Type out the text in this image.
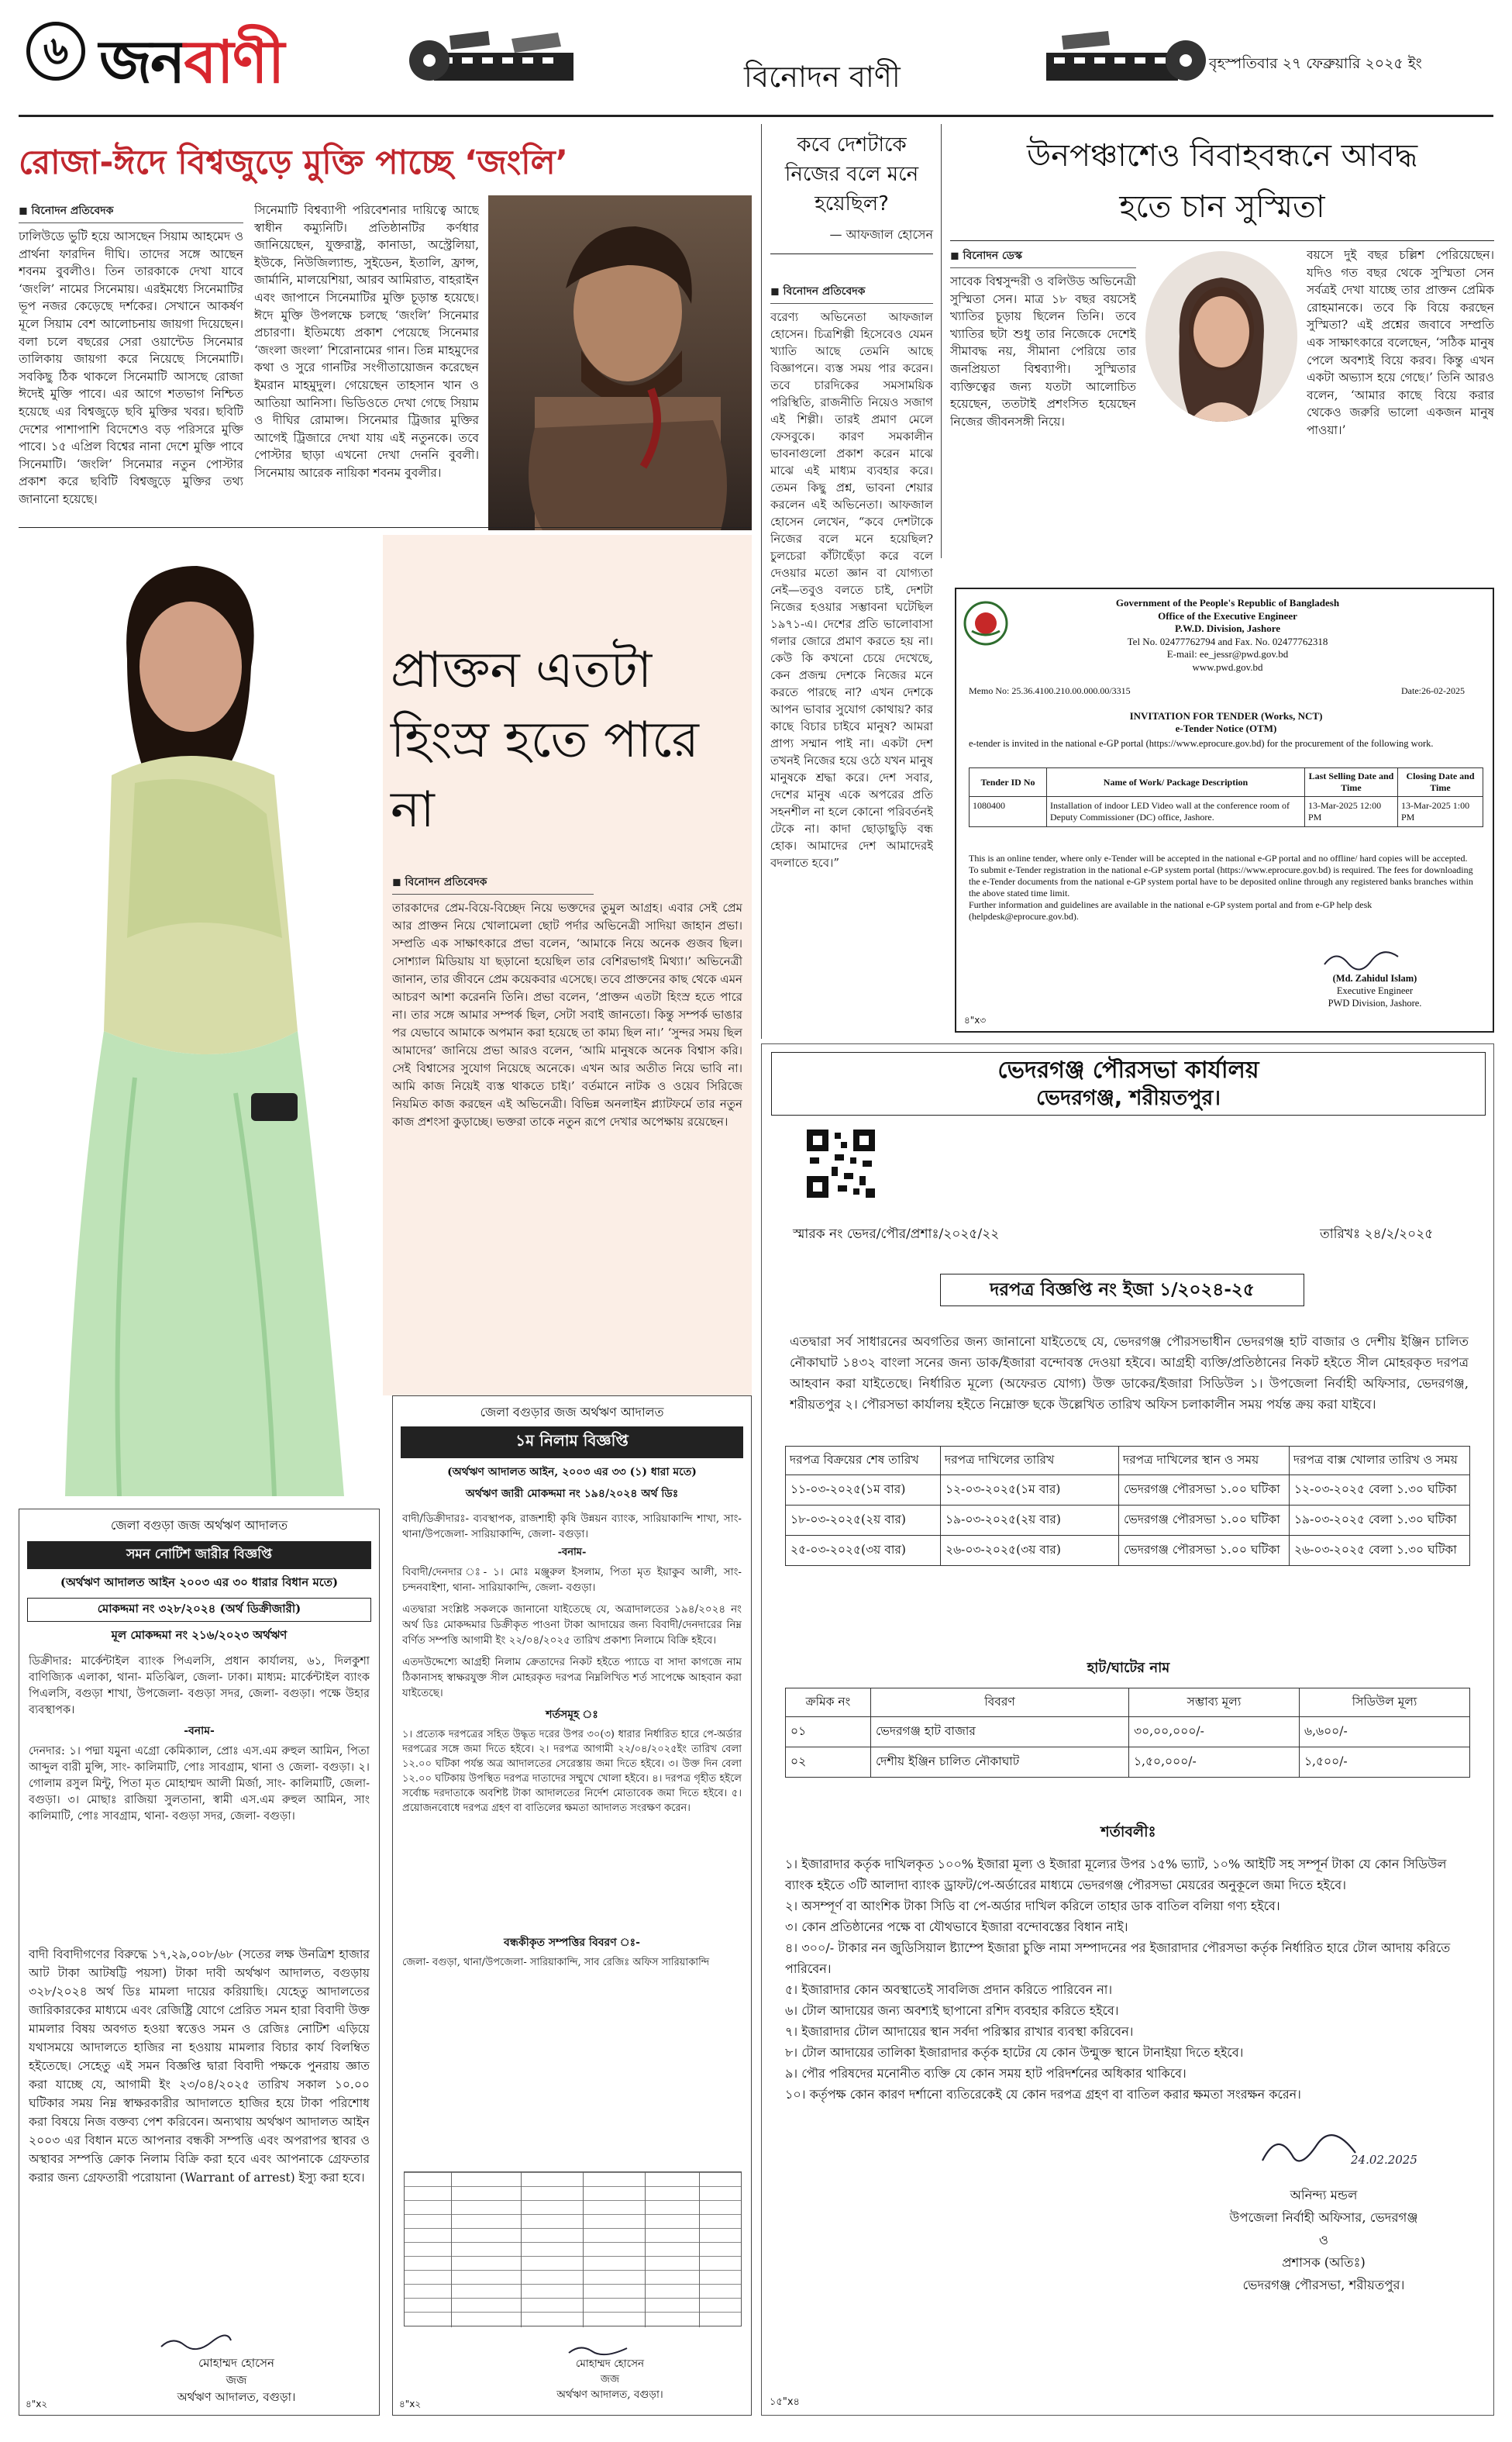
৬ জনবাণী	বিনোদন বাণী	বৃহস্পতিবার ২৭ ফেব্রুয়ারি ২০২৫ ইং
রোজা-ঈদে বিশ্বজুড়ে মুক্তি পাচ্ছে ‘জংলি’
◼ বিনোদন প্রতিবেদক
ঢালিউডে ভুটি হয়ে আসছেন সিয়াম আহমেদ ও প্রার্থনা ফারদিন দীঘি। তাদের সঙ্গে আছেন শবনম বুবলীও। তিন তারকাকে দেখা যাবে ‘জংলি’ নামের সিনেমায়। এরইমধ্যে সিনেমাটির ভূপ নজর কেড়েছে দর্শকের। সেখানে আকর্ষণ মূলে সিয়াম বেশ আলোচনায় জায়গা দিয়েছেন। বলা চলে বছরের সেরা ওয়ান্টেড সিনেমার তালিকায় জায়গা করে নিয়েছে সিনেমাটি। সবকিছু ঠিক থাকলে সিনেমাটি আসছে রোজা ঈদেই মুক্তি পাবে। এর আগে শতভাগ নিশ্চিত হয়েছে এর বিশ্বজুড়ে ছবি মুক্তির খবর। ছবিটি দেশের পাশাপাশি বিদেশেও বড় পরিসরে মুক্তি পাবে। ১৫ এপ্রিল বিশ্বের নানা দেশে মুক্তি পাবে সিনেমাটি। ‘জংলি’ সিনেমার নতুন পোস্টার প্রকাশ করে ছবিটি বিশ্বজুড়ে মুক্তির তথ্য জানানো হয়েছে।
সিনেমাটি বিশ্বব্যাপী পরিবেশনার দায়িত্বে আছে স্বাধীন কম্যুনিটি। প্রতিষ্ঠানটির কর্ণধার জানিয়েছেন, যুক্তরাষ্ট্র, কানাডা, অস্ট্রেলিয়া, ইউকে, নিউজিল্যান্ড, সুইডেন, ইতালি, ফ্রান্স, জার্মানি, মালয়েশিয়া, আরব আমিরাত, বাহরাইন এবং জাপানে সিনেমাটির মুক্তি চূড়ান্ত হয়েছে। ঈদে মুক্তি উপলক্ষে চলছে ‘জংলি’ সিনেমার প্রচারণা। ইতিমধ্যে প্রকাশ পেয়েছে সিনেমার ‘জংলা জংলা’ শিরোনামের গান। তিন্ন মাহমুদের কথা ও সুরে গানটির সংগীতায়োজন করেছেন ইমরান মাহমুদুল। গেয়েছেন তাহসান খান ও আতিয়া আনিসা। ভিডিওতে দেখা গেছে সিয়াম ও দীঘির রোমান্স। সিনেমার ট্রিজার মুক্তির আগেই ট্রিজারে দেখা যায় এই নতুনকে। তবে পোস্টার ছাড়া এখনো দেখা দেননি বুবলী। সিনেমায় আরেক নায়িকা শবনম বুবলীর।
কবে দেশটাকে নিজের বলে মনে হয়েছিল?
— আফজাল হোসেন
◼ বিনোদন প্রতিবেদক
বরেণ্য অভিনেতা আফজাল হোসেন। চিত্রশিল্পী হিসেবেও যেমন খ্যাতি আছে তেমনি আছে বিজ্ঞাপনে। ব্যস্ত সময় পার করেন। তবে চারদিকের সমসাময়িক পরিস্থিতি, রাজনীতি নিয়েও সজাগ এই শিল্পী। তারই প্রমাণ মেলে ফেসবুকে। কারণ সমকালীন ভাবনাগুলো প্রকাশ করেন মাঝে মাঝে এই মাধ্যম ব্যবহার করে। তেমন কিছু প্রশ্ন, ভাবনা শেয়ার করলেন এই অভিনেতা। আফজাল হোসেন লেখেন, “কবে দেশটাকে নিজের বলে মনে হয়েছিল? চুলচেরা কাঁটাছেঁড়া করে বলে দেওয়ার মতো জ্ঞান বা যোগ্যতা নেই—তবুও বলতে চাই, দেশটা নিজের হওয়ার সম্ভাবনা ঘটেছিল ১৯৭১-এ। দেশের প্রতি ভালোবাসা গলার জোরে প্রমাণ করতে হয় না। কেউ কি কখনো চেয়ে দেখেছে, কেন প্রজন্ম দেশকে নিজের মনে করতে পারছে না? এখন দেশকে আপন ভাবার সুযোগ কোথায়? কার কাছে বিচার চাইবে মানুষ? আমরা প্রাপ্য সম্মান পাই না। একটা দেশ তখনই নিজের হয়ে ওঠে যখন মানুষ মানুষকে শ্রদ্ধা করে। দেশ সবার, দেশের মানুষ একে অপরের প্রতি সহনশীল না হলে কোনো পরিবর্তনই টেকে না। কাদা ছোড়াছুড়ি বন্ধ হোক। আমাদের দেশ আমাদেরই বদলাতে হবে।”
উনপঞ্চাশেও বিবাহবন্ধনে আবদ্ধ হতে চান সুস্মিতা
◼ বিনোদন ডেস্ক
সাবেক বিশ্বসুন্দরী ও বলিউড অভিনেত্রী সুস্মিতা সেন। মাত্র ১৮ বছর বয়সেই খ্যাতির চূড়ায় ছিলেন তিনি। তবে খ্যাতির ছটা শুধু তার নিজেকে দেশেই সীমাবদ্ধ নয়, সীমানা পেরিয়ে তার জনপ্রিয়তা বিশ্বব্যাপী। সুস্মিতার ব্যক্তিত্বের জন্য যতটা আলোচিত হয়েছেন, ততটাই প্রশংসিত হয়েছেন নিজের জীবনসঙ্গী নিয়ে।
বয়সে দুই বছর চল্লিশ পেরিয়েছেন। যদিও গত বছর থেকে সুস্মিতা সেন সর্বত্রই দেখা যাচ্ছে তার প্রাক্তন প্রেমিক রোহমানকে। তবে কি বিয়ে করছেন সুস্মিতা? এই প্রশ্নের জবাবে সম্প্রতি এক সাক্ষাৎকারে বলেছেন, ‘সঠিক মানুষ পেলে অবশ্যই বিয়ে করব। কিন্তু এখন একটা অভ্যাস হয়ে গেছে।’ তিনি আরও বলেন, ‘আমার কাছে বিয়ে করার থেকেও জরুরি ভালো একজন মানুষ পাওয়া।’
প্রাক্তন এতটা হিংস্র হতে পারে না
◼ বিনোদন প্রতিবেদক
তারকাদের প্রেম-বিয়ে-বিচ্ছেদ নিয়ে ভক্তদের তুমুল আগ্রহ। এবার সেই প্রেম আর প্রাক্তন নিয়ে খোলামেলা ছোট পর্দার অভিনেত্রী সাদিয়া জাহান প্রভা। সম্প্রতি এক সাক্ষাৎকারে প্রভা বলেন, ‘আমাকে নিয়ে অনেক গুজব ছিল। সোশ্যাল মিডিয়ায় যা ছড়ানো হয়েছিল তার বেশিরভাগই মিথ্যা।’ অভিনেত্রী জানান, তার জীবনে প্রেম কয়েকবার এসেছে। তবে প্রাক্তনের কাছ থেকে এমন আচরণ আশা করেননি তিনি। প্রভা বলেন, ‘প্রাক্তন এতটা হিংস্র হতে পারে না। তার সঙ্গে আমার সম্পর্ক ছিল, সেটা সবাই জানতো। কিন্তু সম্পর্ক ভাঙার পর যেভাবে আমাকে অপমান করা হয়েছে তা কাম্য ছিল না।’ ‘সুন্দর সময় ছিল আমাদের’ জানিয়ে প্রভা আরও বলেন, ‘আমি মানুষকে অনেক বিশ্বাস করি। সেই বিশ্বাসের সুযোগ নিয়েছে অনেকে। এখন আর অতীত নিয়ে ভাবি না। আমি কাজ নিয়েই ব্যস্ত থাকতে চাই।’ বর্তমানে নাটক ও ওয়েব সিরিজে নিয়মিত কাজ করছেন এই অভিনেত্রী। বিভিন্ন অনলাইন প্ল্যাটফর্মে তার নতুন কাজ প্রশংসা কুড়াচ্ছে। ভক্তরা তাকে নতুন রূপে দেখার অপেক্ষায় রয়েছেন।
Government of the People's Republic of Bangladesh
Office of the Executive Engineer
P.W.D. Division, Jashore
Tel No. 02477762794 and Fax. No. 02477762318
E-mail: ee_jessr@pwd.gov.bd
www.pwd.gov.bd
Memo No: 25.36.4100.210.00.000.00/3315	Date:26-02-2025
INVITATION FOR TENDER (Works, NCT)
e-Tender Notice (OTM)
e-tender is invited in the national e-GP portal (https://www.eprocure.gov.bd) for the procurement of the following work.
Tender ID No	Name of Work/ Package Description	Last Selling Date and Time	Closing Date and Time
1080400	Installation of indoor LED Video wall at the conference room of Deputy Commissioner (DC) office, Jashore.	13-Mar-2025 12:00 PM	13-Mar-2025 1:00 PM
This is an online tender, where only e-Tender will be accepted in the national e-GP portal and no offline/ hard copies will be accepted.
To submit e-Tender registration in the national e-GP system portal (https://www.eprocure.gov.bd) is required. The fees for downloading the e-Tender documents from the national e-GP system portal have to be deposited online through any registered banks branches within the above stated time limit.
Further information and guidelines are available in the national e-GP system portal and from e-GP help desk (helpdesk@eprocure.gov.bd).
(Md. Zahidul Islam)
Executive Engineer
PWD Division, Jashore.
৪"x৩
ভেদরগঞ্জ পৌরসভা কার্যালয়
ভেদরগঞ্জ, শরীয়তপুর।
স্মারক নং ভেদর/পৌর/প্রশাঃ/২০২৫/২২	তারিখঃ ২৪/২/২০২৫
দরপত্র বিজ্ঞপ্তি নং ইজা ১/২০২৪-২৫
এতদ্বারা সর্ব সাধারনের অবগতির জন্য জানানো যাইতেছে যে, ভেদরগঞ্জ পৌরসভাধীন ভেদরগঞ্জ হাট বাজার ও দেশীয় ইঞ্জিন চালিত নৌকাঘাট ১৪৩২ বাংলা সনের জন্য ডাক/ইজারা বন্দোবস্ত দেওয়া হইবে। আগ্রহী ব্যক্তি/প্রতিষ্ঠানের নিকট হইতে সীল মোহরকৃত দরপত্র আহবান করা যাইতেছে। নির্ধারিত মূল্যে (অফেরত যোগ্য) উক্ত ডাকের/ইজারা সিডিউল ১। উপজেলা নির্বাহী অফিসার, ভেদরগঞ্জ, শরীয়তপুর ২। পৌরসভা কার্যালয় হইতে নিম্নোক্ত ছকে উল্লেখিত তারিখ অফিস চলাকালীন সময় পর্যন্ত ক্রয় করা যাইবে।
দরপত্র বিক্রয়ের শেষ তারিখ	দরপত্র দাখিলের তারিখ	দরপত্র দাখিলের স্থান ও সময়	দরপত্র বাক্স খোলার তারিখ ও সময়
১১-০৩-২০২৫(১ম বার)	১২-০৩-২০২৫(১ম বার)	ভেদরগঞ্জ পৌরসভা ১.০০ ঘটিকা	১২-০৩-২০২৫ বেলা ১.৩০ ঘটিকা
১৮-০৩-২০২৫(২য় বার)	১৯-০৩-২০২৫(২য় বার)	ভেদরগঞ্জ পৌরসভা ১.০০ ঘটিকা	১৯-০৩-২০২৫ বেলা ১.৩০ ঘটিকা
২৫-০৩-২০২৫(৩য় বার)	২৬-০৩-২০২৫(৩য় বার)	ভেদরগঞ্জ পৌরসভা ১.০০ ঘটিকা	২৬-০৩-২০২৫ বেলা ১.৩০ ঘটিকা
হাট/ঘাটের নাম
ক্রমিক নং	বিবরণ	সম্ভাব্য মূল্য	সিডিউল মূল্য
০১	ভেদরগঞ্জ হাট বাজার	৩০,০০,০০০/-	৬,৬০০/-
০২	দেশীয় ইঞ্জিন চালিত নৌকাঘাট	১,৫০,০০০/-	১,৫০০/-
শর্তাবলীঃ
১। ইজারাদার কর্তৃক দাখিলকৃত ১০০% ইজারা মূল্য ও ইজারা মূল্যের উপর ১৫% ভ্যাট, ১০% আইটি সহ সম্পূর্ন টাকা যে কোন সিডিউল ব্যাংক হইতে ৩টি আলাদা ব্যাংক ড্রাফট/পে-অর্ডারের মাধ্যমে ভেদরগঞ্জ পৌরসভা মেয়রের অনুকূলে জমা দিতে হইবে।
২। অসম্পূর্ণ বা আংশিক টাকা সিডি বা পে-অর্ডার দাখিল করিলে তাহার ডাক বাতিল বলিয়া গণ্য হইবে।
৩। কোন প্রতিষ্ঠানের পক্ষে বা যৌথভাবে ইজারা বন্দোবস্তের বিধান নাই।
৪। ৩০০/- টাকার নন জুডিসিয়াল ষ্ট্যাম্পে ইজারা চুক্তি নামা সম্পাদনের পর ইজারাদার পৌরসভা কর্তৃক নির্ধারিত হারে টোল আদায় করিতে পারিবেন।
৫। ইজারাদার কোন অবস্থাতেই সাবলিজ প্রদান করিতে পারিবেন না।
৬। টোল আদায়ের জন্য অবশ্যই ছাপানো রশিদ ব্যবহার করিতে হইবে।
৭। ইজারাদার টোল আদায়ের স্থান সর্বদা পরিস্কার রাখার ব্যবস্থা করিবেন।
৮। টোল আদায়ের তালিকা ইজারাদার কর্তৃক হাটের যে কোন উন্মুক্ত স্থানে টানাইয়া দিতে হইবে।
৯। পৌর পরিষদের মনোনীত ব্যক্তি যে কোন সময় হাট পরিদর্শনের অধিকার থাকিবে।
১০। কর্তৃপক্ষ কোন কারণ দর্শানো ব্যতিরেকেই যে কোন দরপত্র গ্রহণ বা বাতিল করার ক্ষমতা সংরক্ষন করেন।
24.02.2025
অনিন্দ্য মন্ডল
উপজেলা নির্বাহী অফিসার, ভেদরগঞ্জ
ও
প্রশাসক (অতিঃ)
ভেদরগঞ্জ পৌরসভা, শরীয়তপুর।
১৫"x৪
জেলা বগুড়া জজ অর্থঋণ আদালত
সমন নোটিশ জারীর বিজ্ঞপ্তি
(অর্থঋণ আদালত আইন ২০০৩ এর ৩০ ধারার বিধান মতে)
মোকদ্দমা নং ৩২৮/২০২৪ (অর্থ ডিক্রীজারী)
মূল মোকদ্দমা নং ২১৬/২০২৩ অর্থঋণ
ডিক্রীদার: মার্কেন্টাইল ব্যাংক পিএলসি, প্রধান কার্যালয়, ৬১, দিলকুশা বাণিজ্যিক এলাকা, থানা- মতিঝিল, জেলা- ঢাকা। মাধ্যম: মার্কেন্টাইল ব্যাংক পিএলসি, বগুড়া শাখা, উপজেলা- বগুড়া সদর, জেলা- বগুড়া। পক্ষে উহার ব্যবস্থাপক।
-বনাম-
দেনদার: ১। পদ্মা যমুনা এগ্রো কেমিক্যাল, প্রোঃ এস.এম রুহুল আমিন, পিতা আব্দুল বারী মুন্সি, সাং- কালিমাটি, পোঃ সাবগ্রাম, থানা ও জেলা- বগুড়া। ২। গোলাম রসুল মিন্টু, পিতা মৃত মোহাম্মদ আলী মির্জা, সাং- কালিমাটি, জেলা- বগুড়া। ৩। মোছাঃ রাজিয়া সুলতানা, স্বামী এস.এম রুহুল আমিন, সাং কালিমাটি, পোঃ সাবগ্রাম, থানা- বগুড়া সদর, জেলা- বগুড়া।
বাদী বিবাদীগণের বিরুদ্ধে ১৭,২৯,০০৮/৬৮ (সতের লক্ষ উনত্রিশ হাজার আট টাকা আটষট্টি পয়সা) টাকা দাবী অর্থঋণ আদালত, বগুড়ায় ৩২৮/২০২৪ অর্থ ডিঃ মামলা দায়ের করিয়াছি। যেহেতু আদালতের জারিকারকের মাধ্যমে এবং রেজিষ্ট্রি যোগে প্রেরিত সমন হারা বিবাদী উক্ত মামলার বিষয় অবগত হওয়া স্বত্তেও সমন ও রেজিঃ নোটিশ এড়িয়ে যথাসময়ে আদালতে হাজির না হওয়ায় মামলার বিচার কার্য বিলম্বিত হইতেছে। সেহেতু এই সমন বিজ্ঞপ্তি দ্বারা বিবাদী পক্ষকে পুনরায় জ্ঞাত করা যাচ্ছে যে, আগামী ইং ২৩/০৪/২০২৫ তারিখ সকাল ১০.০০ ঘটিকার সময় নিম্ন স্বাক্ষরকারীর আদালতে হাজির হয়ে টাকা পরিশোধ করা বিষয়ে নিজ বক্তব্য পেশ করিবেন। অন্যথায় অর্থঋণ আদালত আইন ২০০৩ এর বিধান মতে আপনার বন্ধকী সম্পত্তি এবং অপরাপর স্থাবর ও অস্থাবর সম্পত্তি ক্রোক নিলাম বিক্রি করা হবে এবং আপনাকে গ্রেফতার করার জন্য গ্রেফতারী পরোয়ানা (Warrant of arrest) ইস্যু করা হবে।
মোহাম্মদ হোসেন
জজ
অর্থঋণ আদালত, বগুড়া।
৪"x২
জেলা বগুড়ার জজ অর্থঋণ আদালত
১ম নিলাম বিজ্ঞপ্তি
(অর্থঋণ আদালত আইন, ২০০৩ এর ৩৩ (১) ধারা মতে)
অর্থঋণ জারী মোকদ্দমা নং ১৯৪/২০২৪ অর্থ ডিঃ
বাদী/ডিক্রীদারঃ- ব্যবস্থাপক, রাজশাহী কৃষি উন্নয়ন ব্যাংক, সারিয়াকান্দি শাখা, সাং- থানা/উপজেলা- সারিয়াকান্দি, জেলা- বগুড়া।
-বনাম-
বিবাদী/দেনদার ঃ- ১। মোঃ মঞ্জুরুল ইসলাম, পিতা মৃত ইয়াকুব আলী, সাং- চন্দনবাইশা, থানা- সারিয়াকান্দি, জেলা- বগুড়া।
এতদ্বারা সংশ্লিষ্ট সকলকে জানানো যাইতেছে যে, অত্রাদালতের ১৯৪/২০২৪ নং অর্থ ডিঃ মোকদ্দমার ডিক্রীকৃত পাওনা টাকা আদায়ের জন্য বিবাদী/দেনদারের নিম্ন বর্ণিত সম্পত্তি আগামী ইং ২২/০৪/২০২৫ তারিখ প্রকাশ্য নিলামে বিক্রি হইবে।
এতদউদ্দেশ্যে আগ্রহী নিলাম ক্রেতাদের নিকট হইতে প্যাডে বা সাদা কাগজে নাম ঠিকানাসহ স্বাক্ষরযুক্ত সীল মোহরকৃত দরপত্র নিম্নলিখিত শর্ত সাপেক্ষে আহবান করা যাইতেছে।
শর্তসমূহ ঃ
১। প্রত্যেক দরপত্রের সহিত উদ্ধৃত দরের উপর ৩০(৩) ধারার নির্ধারিত হারে পে-অর্ডার দরপত্রের সঙ্গে জমা দিতে হইবে। ২। দরপত্র আগামী ২২/০৪/২০২৫ইং তারিখ বেলা ১২.০০ ঘটিকা পর্যন্ত অত্র আদালতের সেরেস্তায় জমা দিতে হইবে। ৩। উক্ত দিন বেলা ১২.০০ ঘটিকায় উপস্থিত দরপত্র দাতাদের সম্মুখে খোলা হইবে। ৪। দরপত্র গৃহীত হইলে সর্বোচ্চ দরদাতাকে অবশিষ্ট টাকা আদালতের নির্দেশ মোতাবেক জমা দিতে হইবে। ৫। প্রয়োজনবোধে দরপত্র গ্রহণ বা বাতিলের ক্ষমতা আদালত সংরক্ষণ করেন।
বন্ধকীকৃত সম্পত্তির বিবরণ ঃ-
জেলা- বগুড়া, থানা/উপজেলা- সারিয়াকান্দি, সাব রেজিঃ অফিস সারিয়াকান্দি
মোহাম্মদ হোসেন
জজ
অর্থঋণ আদালত, বগুড়া।
৪"x২
